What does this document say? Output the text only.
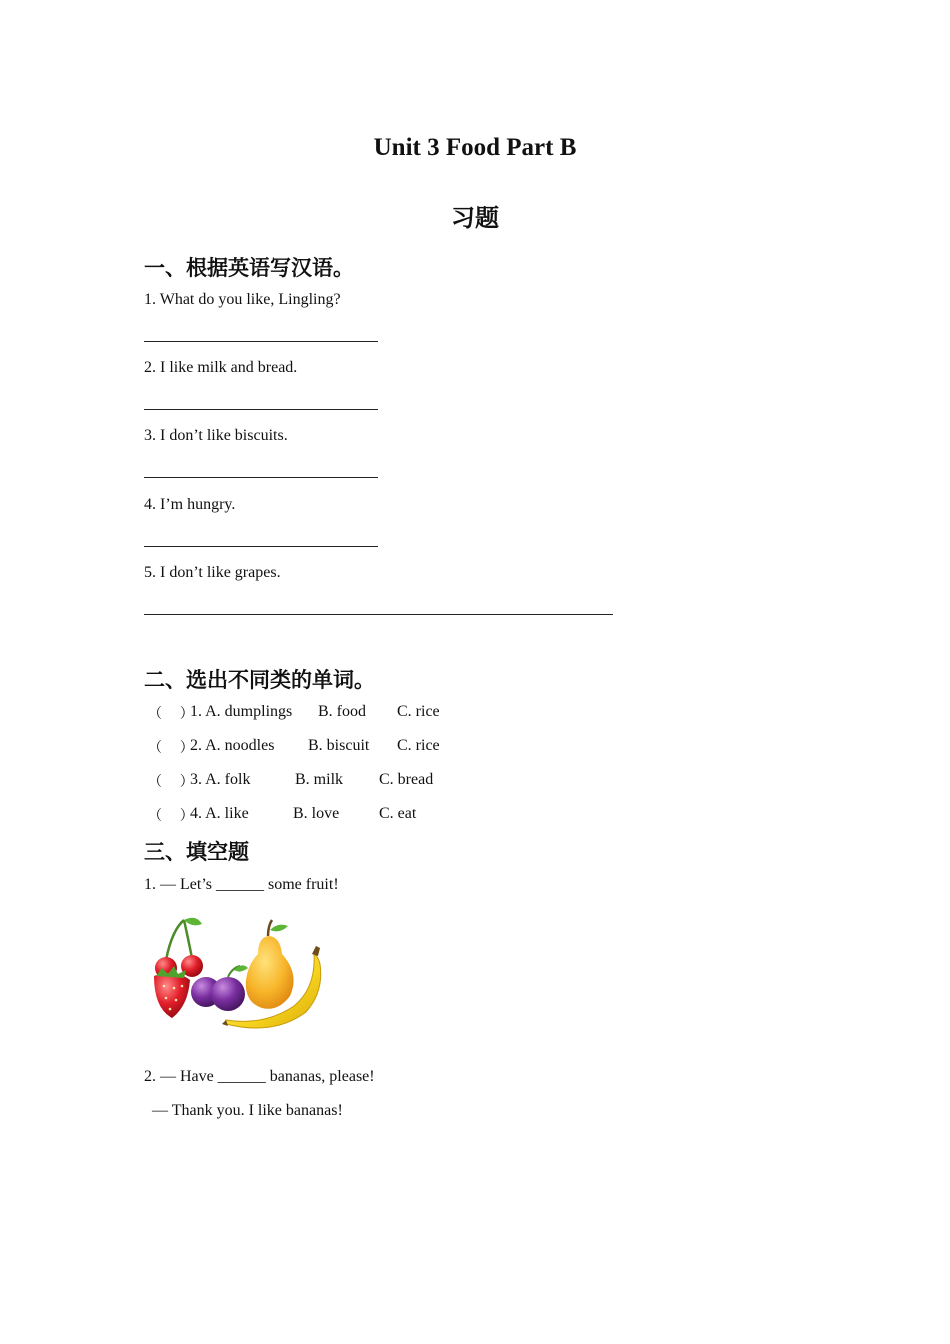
Unit 3 Food Part B
习题
一、根据英语写汉语。
1. What do you like, Lingling?
2. I like milk and bread.
3. I don’t like biscuits.
4. I’m hungry.
5. I don’t like grapes.
二、选出不同类的单词。
（    ）
1. A. dumplings B. food C. rice
（    ）
2. A. noodles B. biscuit C. rice
（    ）
3. A. folk	B. milk C. bread
（    ）
4. A. like	B. love C. eat
三、填空题
1. — Let’s ______ some fruit!
2. — Have ______ bananas, please!
— Thank you. I like bananas!
